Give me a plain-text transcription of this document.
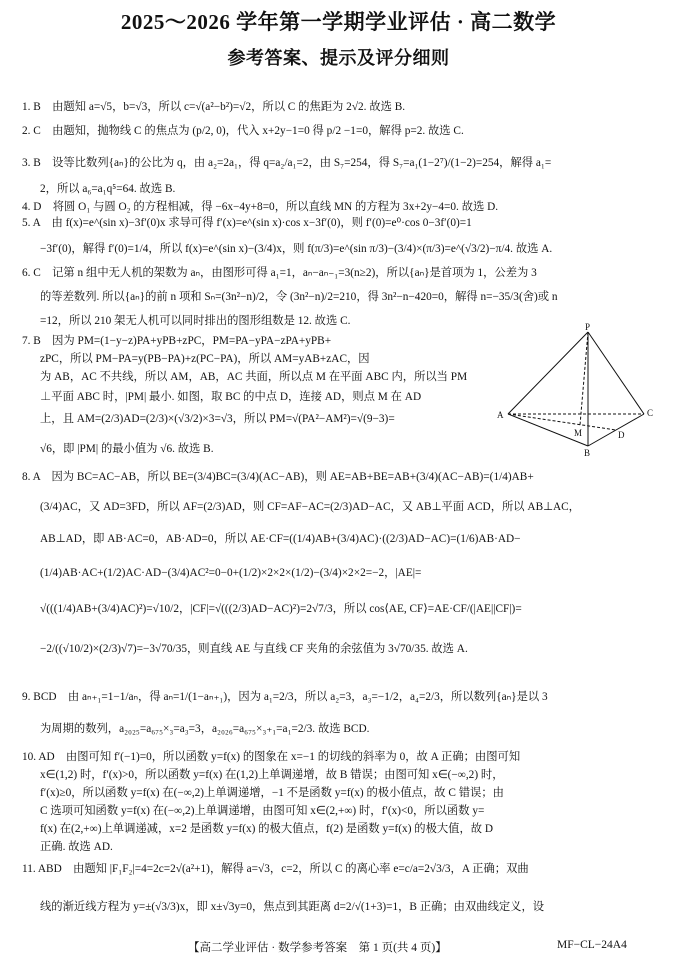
2025～2026 学年第一学期学业评估 · 高二数学
参考答案、提示及评分细则
1. B　由题知 a=√5，b=√3，所以 c=√(a²−b²)=√2，所以 C 的焦距为 2√2. 故选 B.
2. C　由题知，抛物线 C 的焦点为 (p/2, 0)，代入 x+2y−1=0 得 p/2 −1=0，解得 p=2. 故选 C.
3. B　设等比数列{aₙ}的公比为 q，由 a₂=2a₁，得 q=a₂/a₁=2，由 S₇=254，得 S₇=a₁(1−2⁷)/(1−2)=254，解得 a₁=
2，所以 a₆=a₁q⁵=64. 故选 B.
4. D　将圆 O₁ 与圆 O₂ 的方程相减，得 −6x−4y+8=0，所以直线 MN 的方程为 3x+2y−4=0. 故选 D.
5. A　由 f(x)=e^(sin x)−3f′(0)x 求导可得 f′(x)=e^(sin x)·cos x−3f′(0)，则 f′(0)=e⁰·cos 0−3f′(0)=1
−3f′(0)，解得 f′(0)=1/4，所以 f(x)=e^(sin x)−(3/4)x，则 f(π/3)=e^(sin π/3)−(3/4)×(π/3)=e^(√3/2)−π/4. 故选 A.
6. C　记第 n 组中无人机的架数为 aₙ，由图形可得 a₁=1，aₙ−aₙ₋₁=3(n≥2)，所以{aₙ}是首项为 1，公差为 3
的等差数列. 所以{aₙ}的前 n 项和 Sₙ=(3n²−n)/2，令 (3n²−n)/2=210，得 3n²−n−420=0，解得 n=−35/3(舍)或 n
=12，所以 210 架无人机可以同时排出的图形组数是 12. 故选 C.
7. B　因为 PM=(1−y−z)PA+yPB+zPC，PM=PA−yPA−zPA+yPB+
zPC，所以 PM−PA=y(PB−PA)+z(PC−PA)，所以 AM=yAB+zAC，因
为 AB，AC 不共线，所以 AM，AB，AC 共面，所以点 M 在平面 ABC 内，所以当 PM
⊥平面 ABC 时，|PM| 最小. 如图，取 BC 的中点 D，连接 AD，则点 M 在 AD
上，且 AM=(2/3)AD=(2/3)×(√3/2)×3=√3，所以 PM=√(PA²−AM²)=√(9−3)=
√6，即 |PM| 的最小值为 √6. 故选 B.
8. A　因为 BC=AC−AB，所以 BE=(3/4)BC=(3/4)(AC−AB)，则 AE=AB+BE=AB+(3/4)(AC−AB)=(1/4)AB+
(3/4)AC，又 AD=3FD，所以 AF=(2/3)AD，则 CF=AF−AC=(2/3)AD−AC，又 AB⊥平面 ACD，所以 AB⊥AC，
AB⊥AD，即 AB·AC=0，AB·AD=0，所以 AE·CF=((1/4)AB+(3/4)AC)·((2/3)AD−AC)=(1/6)AB·AD−
(1/4)AB·AC+(1/2)AC·AD−(3/4)AC²=0−0+(1/2)×2×2×(1/2)−(3/4)×2×2=−2，|AE|=
√(((1/4)AB+(3/4)AC)²)=√10/2，|CF|=√(((2/3)AD−AC)²)=2√7/3，所以 cos⟨AE, CF⟩=AE·CF/(|AE||CF|)=
−2/((√10/2)×(2/3)√7)=−3√70/35，则直线 AE 与直线 CF 夹角的余弦值为 3√70/35. 故选 A.
9. BCD　由 aₙ₊₁=1−1/aₙ，得 aₙ=1/(1−aₙ₊₁)，因为 a₁=2/3，所以 a₂=3，a₃=−1/2，a₄=2/3，所以数列{aₙ}是以 3
为周期的数列，a₂₀₂₅=a₆₇₅×₃=a₃=3，a₂₀₂₆=a₆₇₅×₃₊₁=a₁=2/3. 故选 BCD.
10. AD　由图可知 f′(−1)=0，所以函数 y=f(x) 的图象在 x=−1 的切线的斜率为 0，故 A 正确；由图可知
x∈(1,2) 时，f′(x)>0，所以函数 y=f(x) 在(1,2)上单调递增，故 B 错误；由图可知 x∈(−∞,2) 时，
f′(x)≥0，所以函数 y=f(x) 在(−∞,2)上单调递增，−1 不是函数 y=f(x) 的极小值点，故 C 错误；由
C 选项可知函数 y=f(x) 在(−∞,2)上单调递增，由图可知 x∈(2,+∞) 时，f′(x)<0，所以函数 y=
f(x) 在(2,+∞)上单调递减，x=2 是函数 y=f(x) 的极大值点，f(2) 是函数 y=f(x) 的极大值，故 D
正确. 故选 AD.
11. ABD　由题知 |F₁F₂|=4=2c=2√(a²+1)，解得 a=√3，c=2，所以 C 的离心率 e=c/a=2√3/3，A 正确；双曲
线的渐近线方程为 y=±(√3/3)x，即 x±√3y=0，焦点到其距离 d=2/√(1+3)=1，B 正确；由双曲线定义，设
P
A
B
C
D
M
【高二学业评估 · 数学参考答案　第 1 页(共 4 页)】	MF−CL−24A4
